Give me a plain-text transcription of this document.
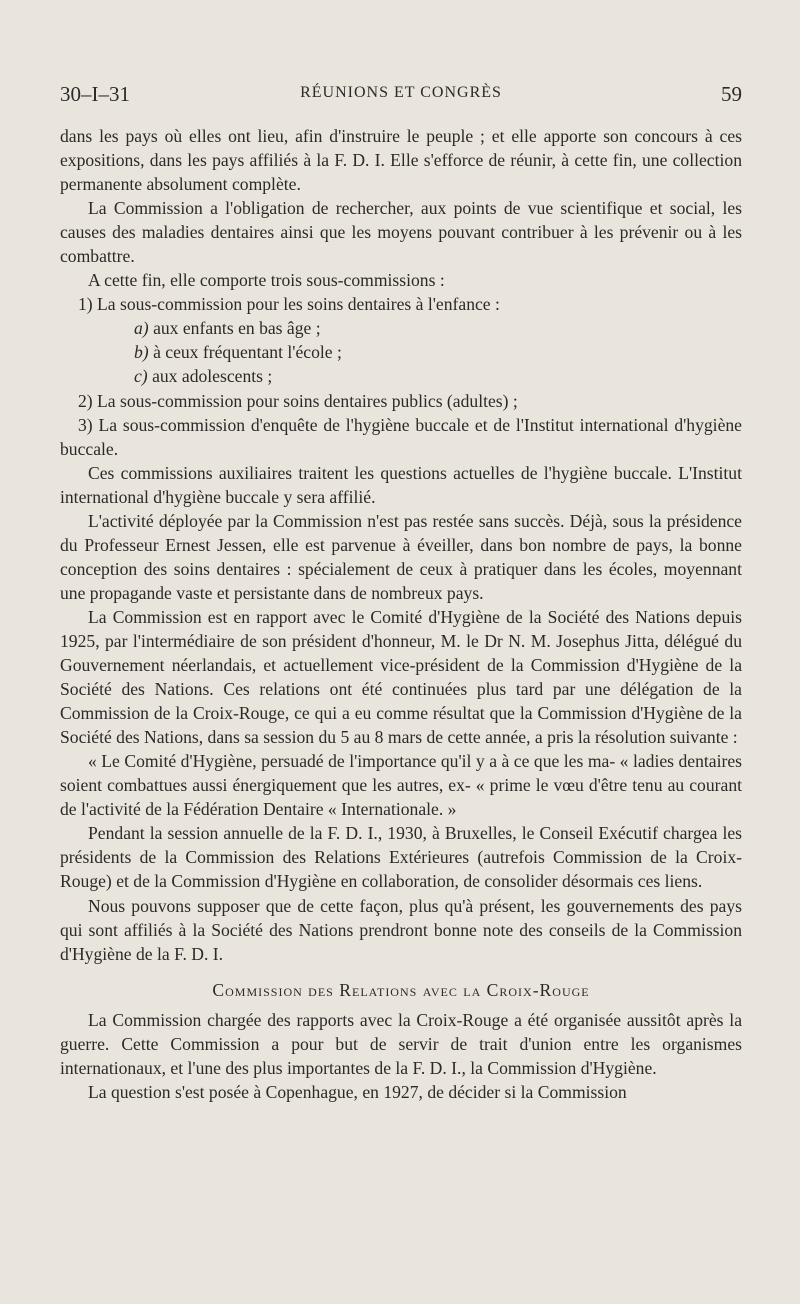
30–I–31	RÉUNIONS ET CONGRÈS	59

dans les pays où elles ont lieu, afin d'instruire le peuple ; et elle apporte son concours à ces expositions, dans les pays affiliés à la F. D. I. Elle s'efforce de réunir, à cette fin, une collection permanente absolument complète.

La Commission a l'obligation de rechercher, aux points de vue scientifique et social, les causes des maladies dentaires ainsi que les moyens pouvant contribuer à les prévenir ou à les combattre.

A cette fin, elle comporte trois sous-commissions :

1) La sous-commission pour les soins dentaires à l'enfance :

a) aux enfants en bas âge ;

b) à ceux fréquentant l'école ;

c) aux adolescents ;

2) La sous-commission pour soins dentaires publics (adultes) ;

3) La sous-commission d'enquête de l'hygiène buccale et de l'Institut international d'hygiène buccale.

Ces commissions auxiliaires traitent les questions actuelles de l'hygiène buccale. L'Institut international d'hygiène buccale y sera affilié.

L'activité déployée par la Commission n'est pas restée sans succès. Déjà, sous la présidence du Professeur Ernest Jessen, elle est parvenue à éveiller, dans bon nombre de pays, la bonne conception des soins dentaires : spécialement de ceux à pratiquer dans les écoles, moyennant une propagande vaste et persistante dans de nombreux pays.

La Commission est en rapport avec le Comité d'Hygiène de la Société des Nations depuis 1925, par l'intermédiaire de son président d'honneur, M. le Dr N. M. Josephus Jitta, délégué du Gouvernement néerlandais, et actuellement vice-président de la Commission d'Hygiène de la Société des Nations. Ces relations ont été continuées plus tard par une délégation de la Commission de la Croix-Rouge, ce qui a eu comme résultat que la Commission d'Hygiène de la Société des Nations, dans sa session du 5 au 8 mars de cette année, a pris la résolution suivante :

« Le Comité d'Hygiène, persuadé de l'importance qu'il y a à ce que les ma- « ladies dentaires soient combattues aussi énergiquement que les autres, ex- « prime le vœu d'être tenu au courant de l'activité de la Fédération Dentaire « Internationale. »

Pendant la session annuelle de la F. D. I., 1930, à Bruxelles, le Conseil Exécutif chargea les présidents de la Commission des Relations Extérieures (autrefois Commission de la Croix-Rouge) et de la Commission d'Hygiène en collaboration, de consolider désormais ces liens.

Nous pouvons supposer que de cette façon, plus qu'à présent, les gouvernements des pays qui sont affiliés à la Société des Nations prendront bonne note des conseils de la Commission d'Hygiène de la F. D. I.

Commission des Relations avec la Croix-Rouge

La Commission chargée des rapports avec la Croix-Rouge a été organisée aussitôt après la guerre. Cette Commission a pour but de servir de trait d'union entre les organismes internationaux, et l'une des plus importantes de la F. D. I., la Commission d'Hygiène.

La question s'est posée à Copenhague, en 1927, de décider si la Commission
